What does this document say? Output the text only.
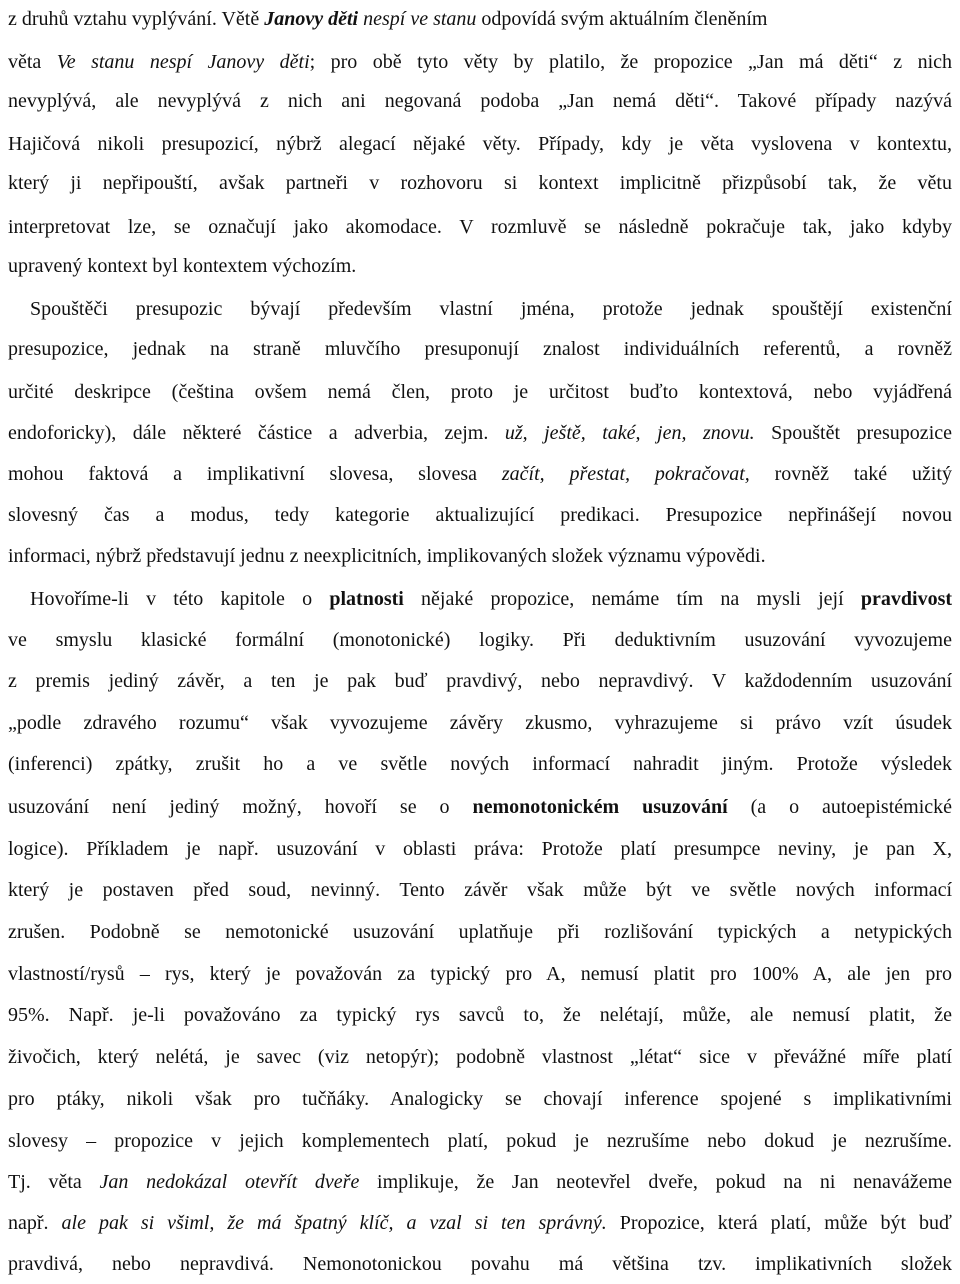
z druhů vztahu vyplývání. Větě Janovy děti nespí ve stanu odpovídá svým aktuálním členěním
věta Ve stanu nespí Janovy děti; pro obě tyto věty by platilo, že propozice „Jan má děti“ z nich
nevyplývá, ale nevyplývá z nich ani negovaná podoba „Jan nemá děti“. Takové případy nazývá
Hajičová nikoli presupozicí, nýbrž alegací nějaké věty. Případy, kdy je věta vyslovena v kontextu,
který ji nepřipouští, avšak partneři v rozhovoru si kontext implicitně přizpůsobí tak, že větu
interpretovat lze, se označují jako akomodace. V rozmluvě se následně pokračuje tak, jako kdyby
upravený kontext byl kontextem výchozím.
Spouštěči presupozic bývají především vlastní jména, protože jednak spouštějí existenční
presupozice, jednak na straně mluvčího presuponují znalost individuálních referentů, a rovněž
určité deskripce (čeština ovšem nemá člen, proto je určitost buďto kontextová, nebo vyjádřená
endoforicky), dále některé částice a adverbia, zejm. už, ještě, také, jen, znovu. Spouštět presupozice
mohou faktová a implikativní slovesa, slovesa začít, přestat, pokračovat, rovněž také užitý
slovesný čas a modus, tedy kategorie aktualizující predikaci. Presupozice nepřinášejí novou
informaci, nýbrž představují jednu z neexplicitních, implikovaných složek významu výpovědi.
Hovoříme-li v této kapitole o platnosti nějaké propozice, nemáme tím na mysli její pravdivost
ve smyslu klasické formální (monotonické) logiky. Při deduktivním usuzování vyvozujeme
z premis jediný závěr, a ten je pak buď pravdivý, nebo nepravdivý. V každodenním usuzování
„podle zdravého rozumu“ však vyvozujeme závěry zkusmo, vyhrazujeme si právo vzít úsudek
(inferenci) zpátky, zrušit ho a ve světle nových informací nahradit jiným. Protože výsledek
usuzování není jediný možný, hovoří se o nemonotonickém usuzování (a o autoepistémické
logice). Příkladem je např. usuzování v oblasti práva: Protože platí presumpce neviny, je pan X,
který je postaven před soud, nevinný. Tento závěr však může být ve světle nových informací
zrušen. Podobně se nemotonické usuzování uplatňuje při rozlišování typických a netypických
vlastností/rysů – rys, který je považován za typický pro A, nemusí platit pro 100% A, ale jen pro
95%. Např. je-li považováno za typický rys savců to, že nelétají, může, ale nemusí platit, že
živočich, který nelétá, je savec (viz netopýr); podobně vlastnost „létat“ sice v převážné míře platí
pro ptáky, nikoli však pro tučňáky. Analogicky se chovají inference spojené s implikativními
slovesy – propozice v jejich komplementech platí, pokud je nezrušíme nebo dokud je nezrušíme.
Tj. věta Jan nedokázal otevřít dveře implikuje, že Jan neotevřel dveře, pokud na ni nenavážeme
např. ale pak si všiml, že má špatný klíč, a vzal si ten správný. Propozice, která platí, může být buď
pravdivá, nebo nepravdivá. Nemonotonickou povahu má většina tzv. implikativních složek
